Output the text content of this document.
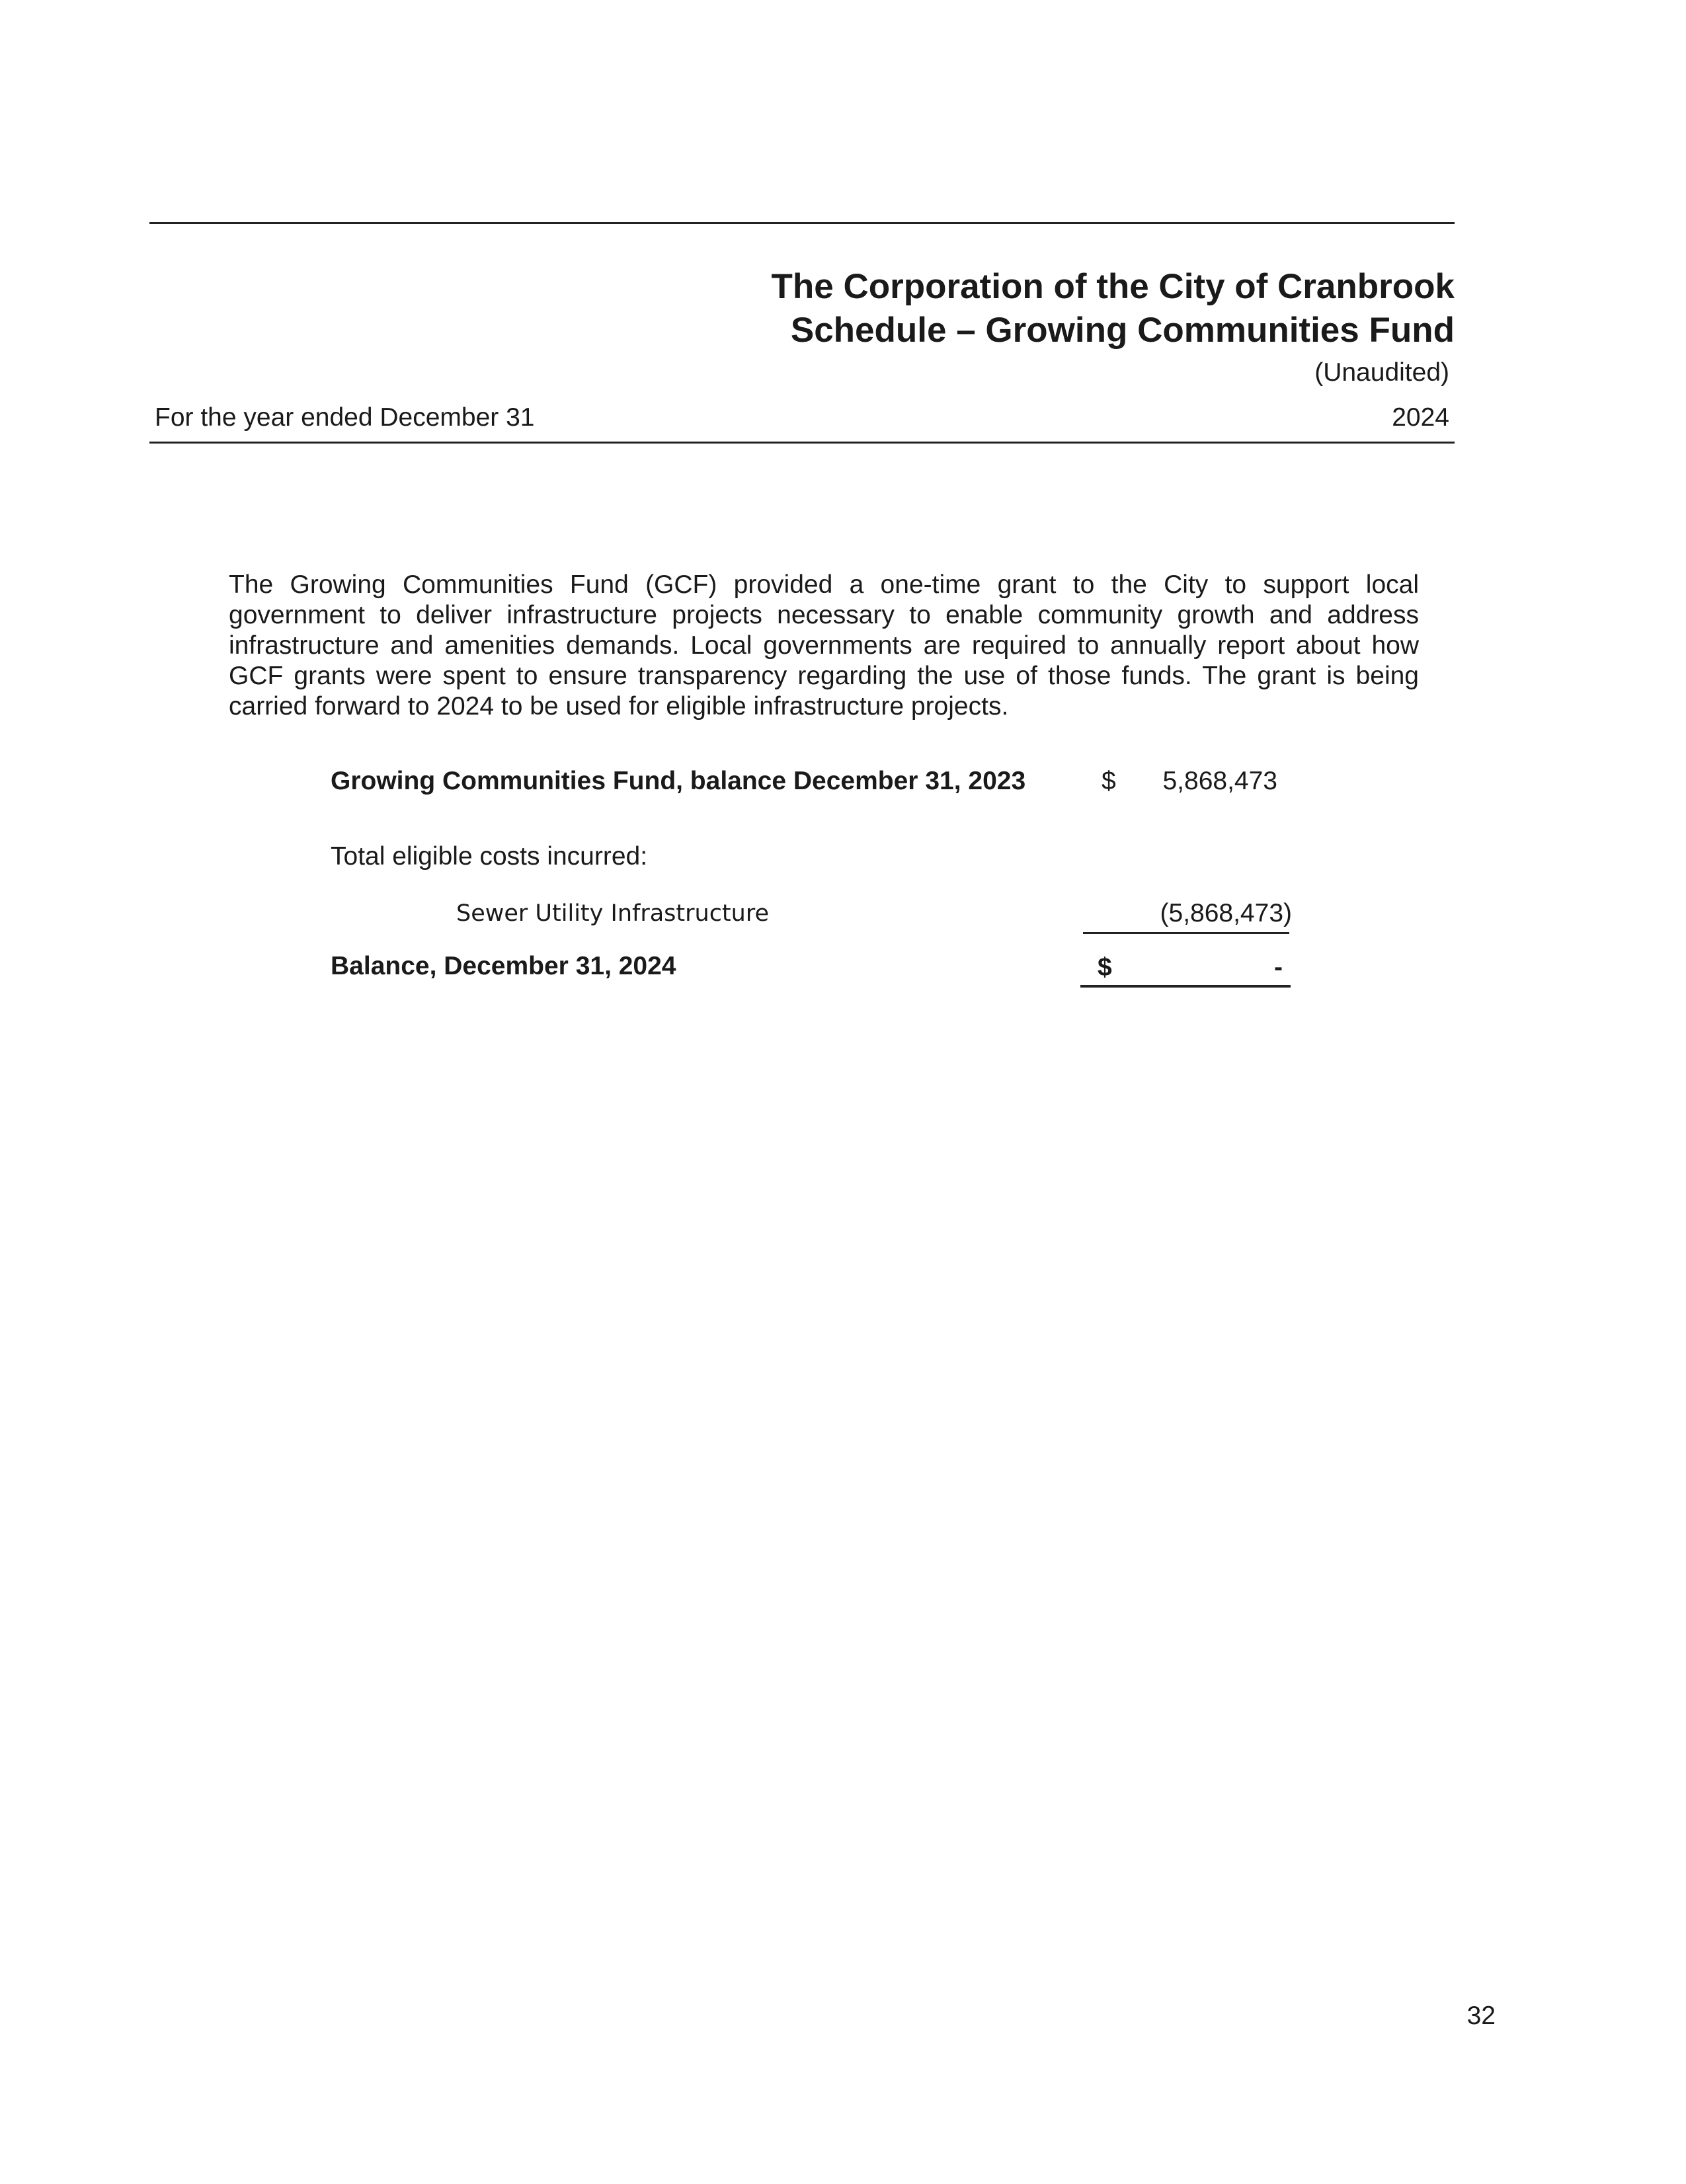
The Corporation of the City of Cranbrook
Schedule – Growing Communities Fund
(Unaudited)
For the year ended December 31	2024
The Growing Communities Fund (GCF) provided a one-time grant to the City to support local government to deliver infrastructure projects necessary to enable community growth and address infrastructure and amenities demands. Local governments are required to annually report about how GCF grants were spent to ensure transparency regarding the use of those funds. The grant is being carried forward to 2024 to be used for eligible infrastructure projects.
Growing Communities Fund, balance December 31, 2023	$ 5,868,473
Total eligible costs incurred:
Sewer Utility Infrastructure	(5,868,473)
Balance, December 31, 2024	$	-
32
